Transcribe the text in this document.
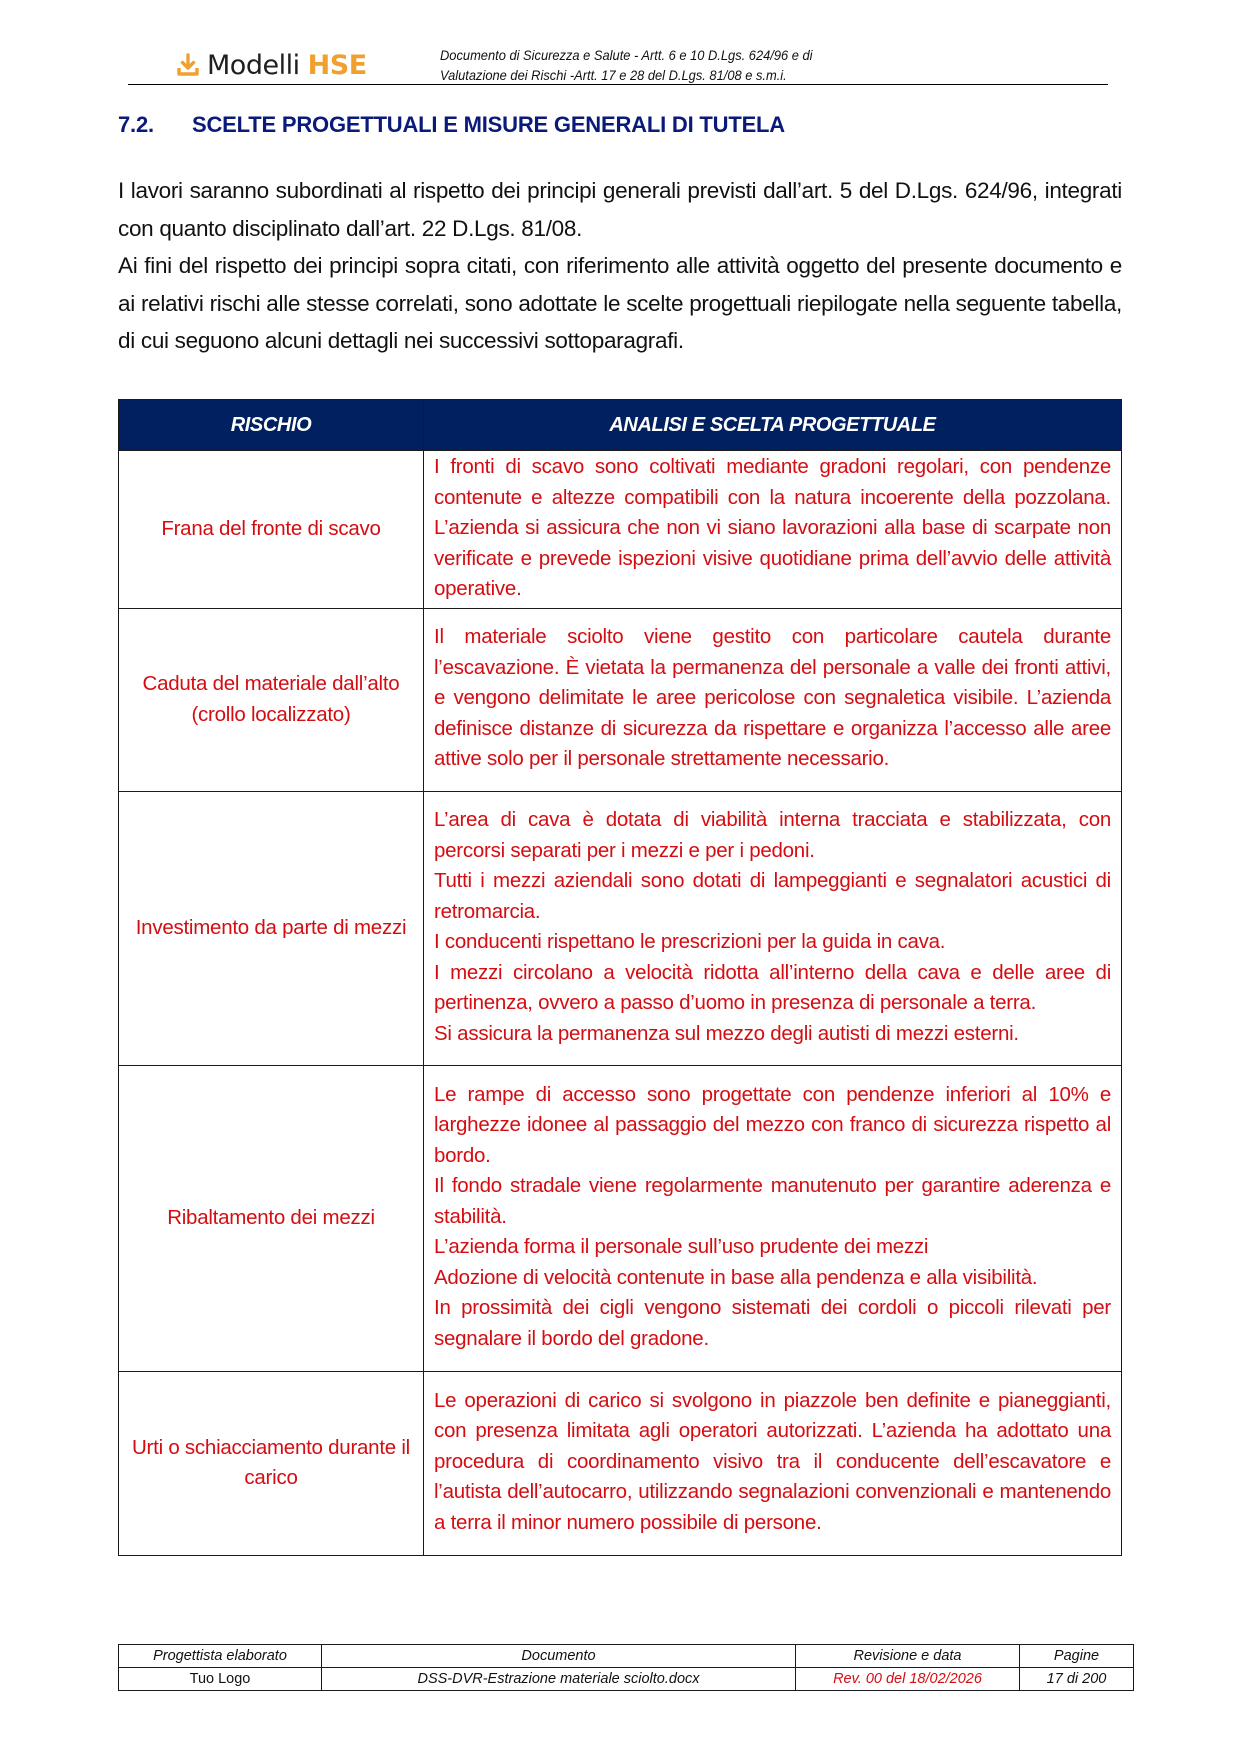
Modelli HSE	Documento di Sicurezza e Salute - Artt. 6 e 10 D.Lgs. 624/96 e di
Valutazione dei Rischi -Artt. 17 e 28 del D.Lgs. 81/08 e s.m.i.
7.2.	SCELTE PROGETTUALI E MISURE GENERALI DI TUTELA

I lavori saranno subordinati al rispetto dei principi generali previsti dall’art. 5 del D.Lgs. 624/96, integrati con quanto disciplinato dall’art. 22 D.Lgs. 81/08.

Ai fini del rispetto dei principi sopra citati, con riferimento alle attività oggetto del presente documento e ai relativi rischi alle stesse correlati, sono adottate le scelte progettuali riepilogate nella seguente tabella, di cui seguono alcuni dettagli nei successivi sottoparagrafi.

RISCHIO	ANALISI E SCELTA PROGETTUALE
Frana del fronte di scavo	I fronti di scavo sono coltivati mediante gradoni regolari, con pendenze contenute e altezze compatibili con la natura incoerente della pozzolana. L’azienda si assicura che non vi siano lavorazioni alla base di scarpate non verificate e prevede ispezioni visive quotidiane prima dell’avvio delle attività operative.

Caduta del materiale dall’alto (crollo localizzato)	Il materiale sciolto viene gestito con particolare cautela durante l’escavazione. È vietata la permanenza del personale a valle dei fronti attivi, e vengono delimitate le aree pericolose con segnaletica visibile. L’azienda definisce distanze di sicurezza da rispettare e organizza l’accesso alle aree attive solo per il personale strettamente necessario.

Investimento da parte di mezzi	L’area di cava è dotata di viabilità interna tracciata e stabilizzata, con percorsi separati per i mezzi e per i pedoni.

Tutti i mezzi aziendali sono dotati di lampeggianti e segnalatori acustici di retromarcia.

I conducenti rispettano le prescrizioni per la guida in cava.

I mezzi circolano a velocità ridotta all’interno della cava e delle aree di pertinenza, ovvero a passo d’uomo in presenza di personale a terra.

Si assicura la permanenza sul mezzo degli autisti di mezzi esterni.

Ribaltamento dei mezzi	Le rampe di accesso sono progettate con pendenze inferiori al 10% e larghezze idonee al passaggio del mezzo con franco di sicurezza rispetto al bordo.

Il fondo stradale viene regolarmente manutenuto per garantire aderenza e stabilità.

L’azienda forma il personale sull’uso prudente dei mezzi

Adozione di velocità contenute in base alla pendenza e alla visibilità.

In prossimità dei cigli vengono sistemati dei cordoli o piccoli rilevati per segnalare il bordo del gradone.

Urti o schiacciamento durante il carico	Le operazioni di carico si svolgono in piazzole ben definite e pianeggianti, con presenza limitata agli operatori autorizzati. L’azienda ha adottato una procedura di coordinamento visivo tra il conducente dell’escavatore e l’autista dell’autocarro, utilizzando segnalazioni convenzionali e mantenendo a terra il minor numero possibile di persone.

Progettista elaborato	Documento	Revisione e data	Pagine
Tuo Logo	DSS-DVR-Estrazione materiale sciolto.docx	Rev. 00 del 18/02/2026	17 di 200
